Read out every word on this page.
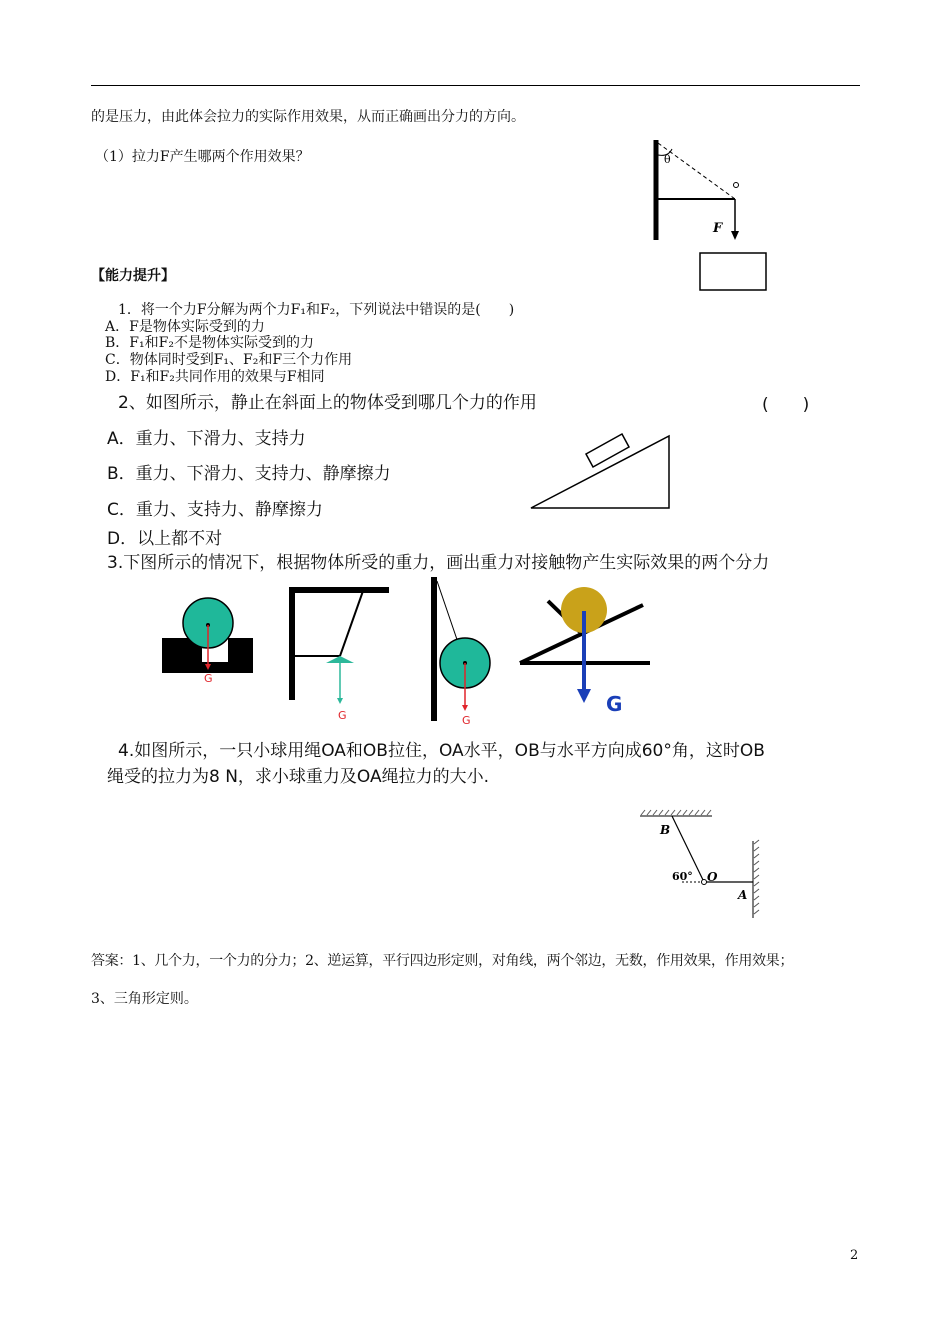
的是压力，由此体会拉力的实际作用效果，从而正确画出分力的方向。
（1）拉力F产生哪两个作用效果？	θ
F
【能力提升】
1．将一个力F分解为两个力F₁和F₂，下列说法中错误的是(　　)
A．F是物体实际受到的力
B．F₁和F₂不是物体实际受到的力
C．物体同时受到F₁、F₂和F三个力作用
D．F₁和F₂共同作用的效果与F相同
2、如图所示，静止在斜面上的物体受到哪几个力的作用	(　　)
A．重力、下滑力、支持力
B．重力、下滑力、支持力、静摩擦力
C．重力、支持力、静摩擦力
D．以上都不对
3.下图所示的情况下，根据物体所受的重力，画出重力对接触物产生实际效果的两个分力
G
G	G
G
4.如图所示，一只小球用绳OA和OB拉住，OA水平，OB与水平方向成60°角，这时OB
绳受的拉力为8 N，求小球重力及OA绳拉力的大小.
B
60° O
A
答案：1、几个力，一个力的分力；2、逆运算，平行四边形定则，对角线，两个邻边，无数，作用效果，作用效果；
3、三角形定则。
2
